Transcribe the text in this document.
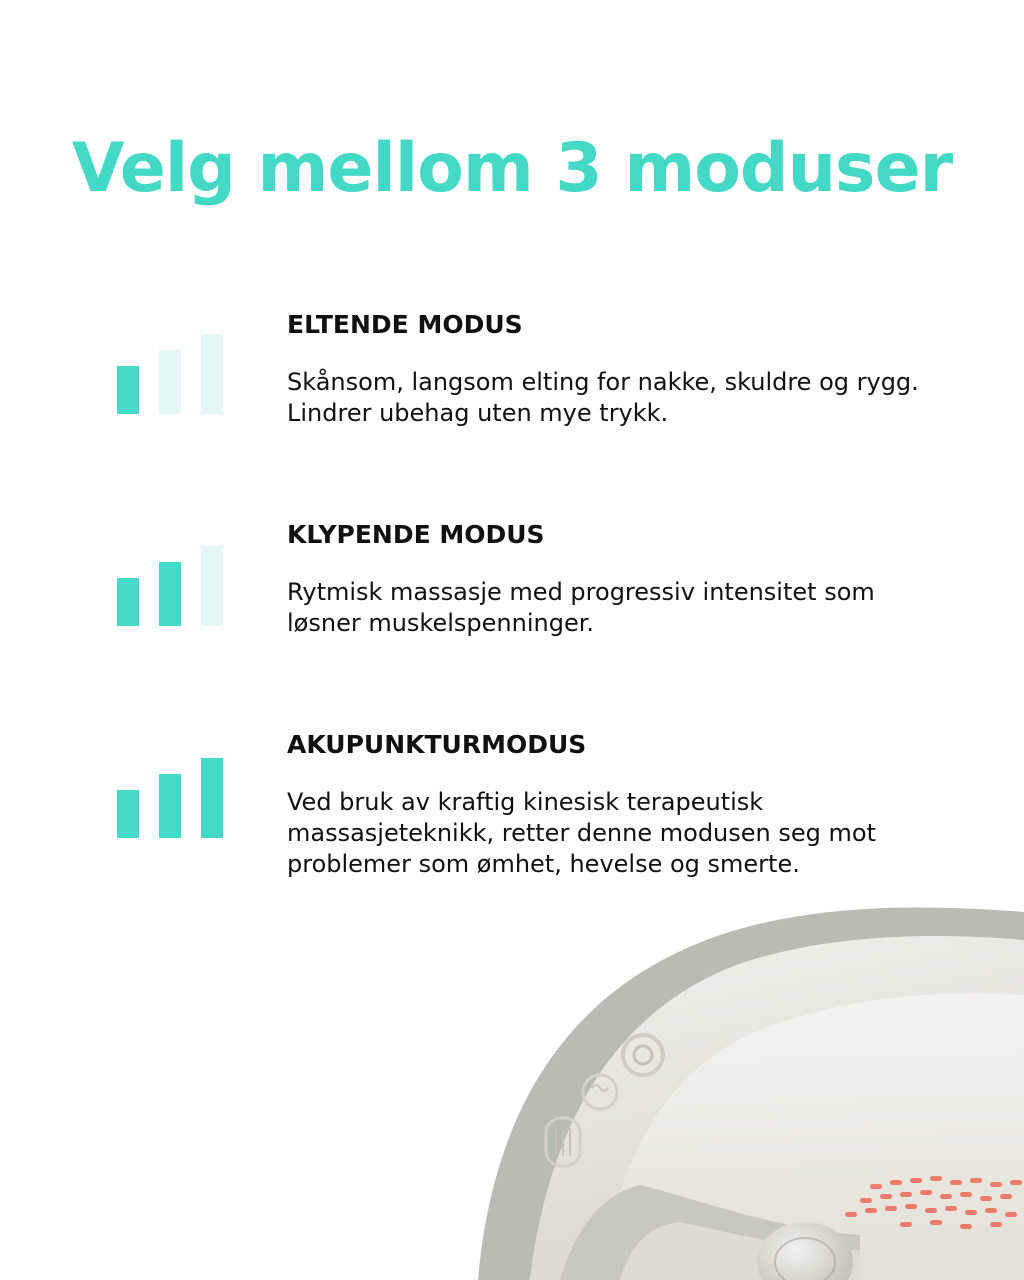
Velg mellom 3 moduser
ELTENDE MODUS

Skånsom, langsom elting for nakke, skuldre og rygg. Lindrer ubehag uten mye trykk.

KLYPENDE MODUS

Rytmisk massasje med progressiv intensitet som løsner muskelspenninger.

AKUPUNKTURMODUS

Ved bruk av kraftig kinesisk terapeutisk massasjeteknikk, retter denne modusen seg mot problemer som ømhet, hevelse og smerte.
